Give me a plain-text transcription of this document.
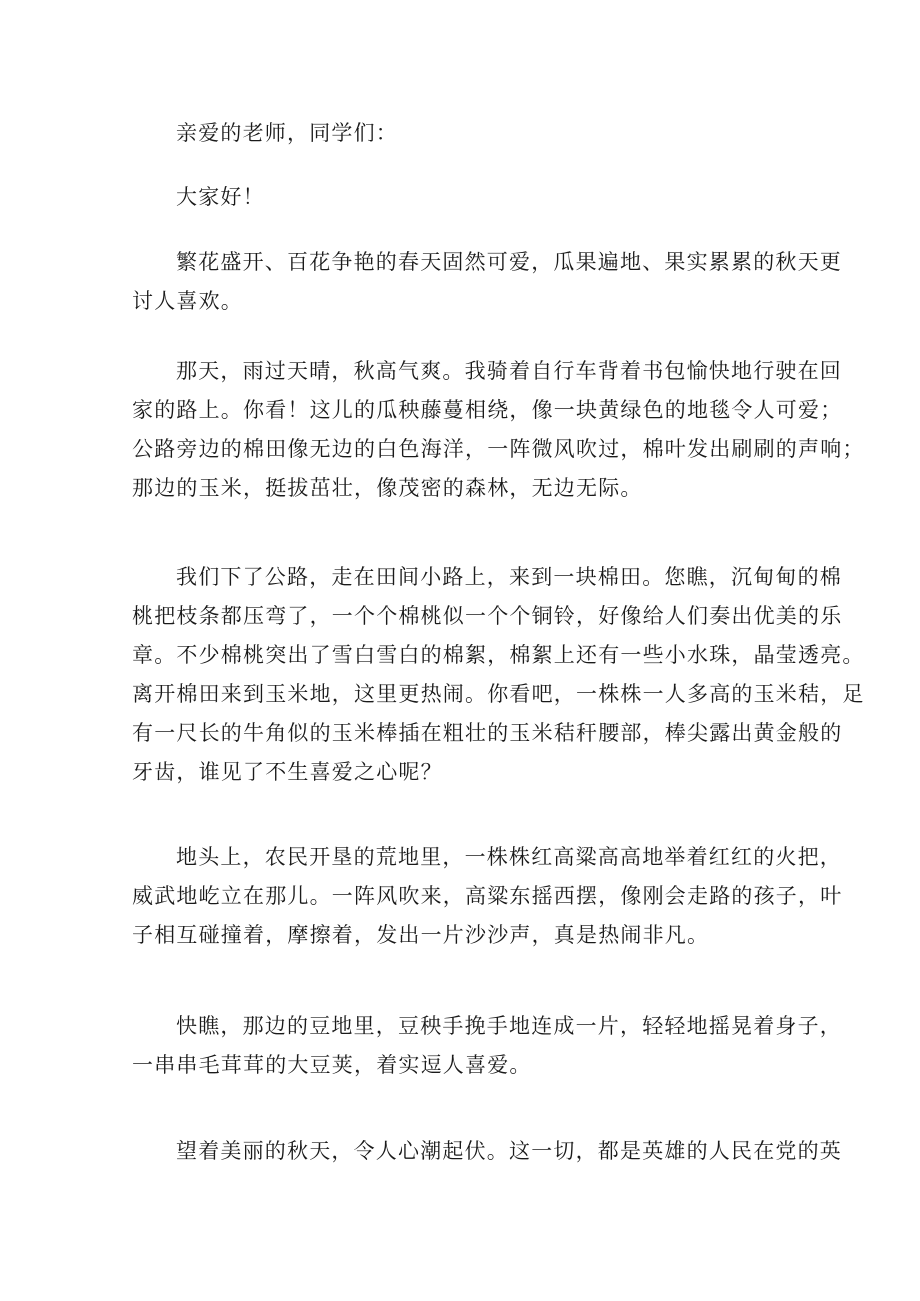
亲爱的老师，同学们：

大家好！

繁花盛开、百花争艳的春天固然可爱，瓜果遍地、果实累累的秋天更
讨人喜欢。

那天，雨过天晴，秋高气爽。我骑着自行车背着书包愉快地行驶在回
家的路上。你看！这儿的瓜秧藤蔓相绕，像一块黄绿色的地毯令人可爱；
公路旁边的棉田像无边的白色海洋，一阵微风吹过，棉叶发出刷刷的声响；
那边的玉米，挺拔茁壮，像茂密的森林，无边无际。

我们下了公路，走在田间小路上，来到一块棉田。您瞧，沉甸甸的棉
桃把枝条都压弯了，一个个棉桃似一个个铜铃，好像给人们奏出优美的乐
章。不少棉桃突出了雪白雪白的棉絮，棉絮上还有一些小水珠，晶莹透亮。
离开棉田来到玉米地，这里更热闹。你看吧，一株株一人多高的玉米秸，足
有一尺长的牛角似的玉米棒插在粗壮的玉米秸秆腰部，棒尖露出黄金般的
牙齿，谁见了不生喜爱之心呢？

地头上，农民开垦的荒地里，一株株红高粱高高地举着红红的火把，
威武地屹立在那儿。一阵风吹来，高粱东摇西摆，像刚会走路的孩子，叶
子相互碰撞着，摩擦着，发出一片沙沙声，真是热闹非凡。

快瞧，那边的豆地里，豆秧手挽手地连成一片，轻轻地摇晃着身子，
一串串毛茸茸的大豆荚，着实逗人喜爱。

望着美丽的秋天，令人心潮起伏。这一切，都是英雄的人民在党的英
